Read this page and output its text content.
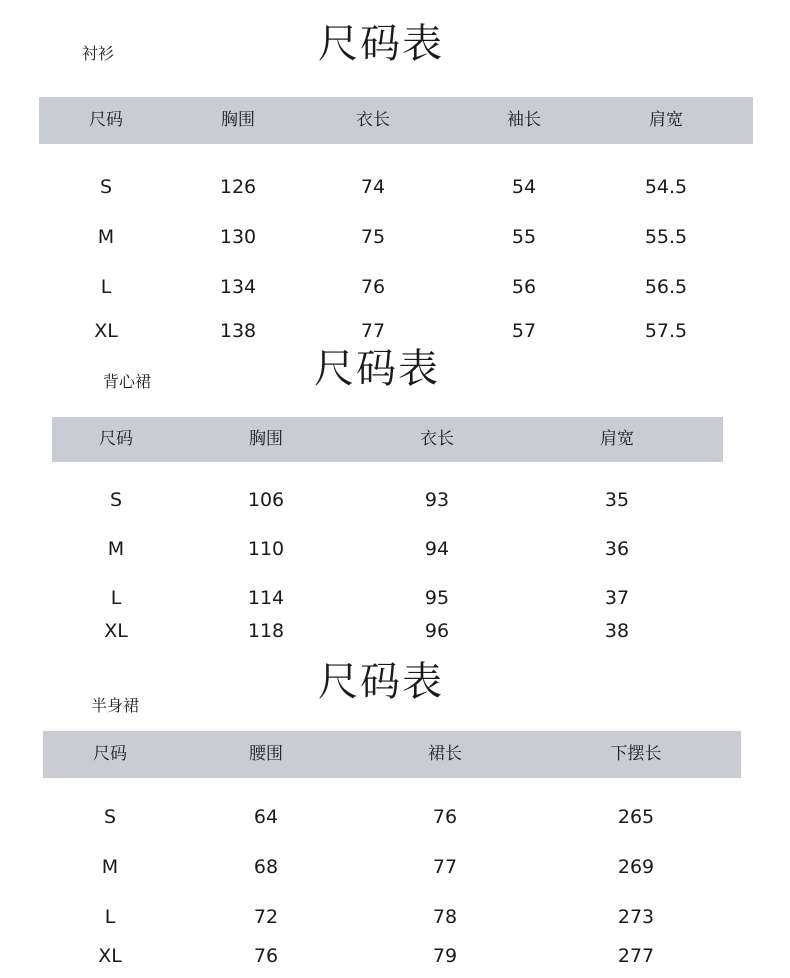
尺码表
衬衫
尺码	胸围	衣长	袖长	肩宽
S	126	74	54	54.5
M	130	75	55	55.5
L	134	76	56	56.5
XL	138	77	57	57.5
尺码表
背心裙
尺码	胸围	衣长	肩宽
S	106	93	35
M	110	94	36
L	114	95	37
XL	118	96	38
尺码表
半身裙
尺码	腰围	裙长	下摆长
S	64	76	265
M	68	77	269
L	72	78	273
XL	76	79	277
